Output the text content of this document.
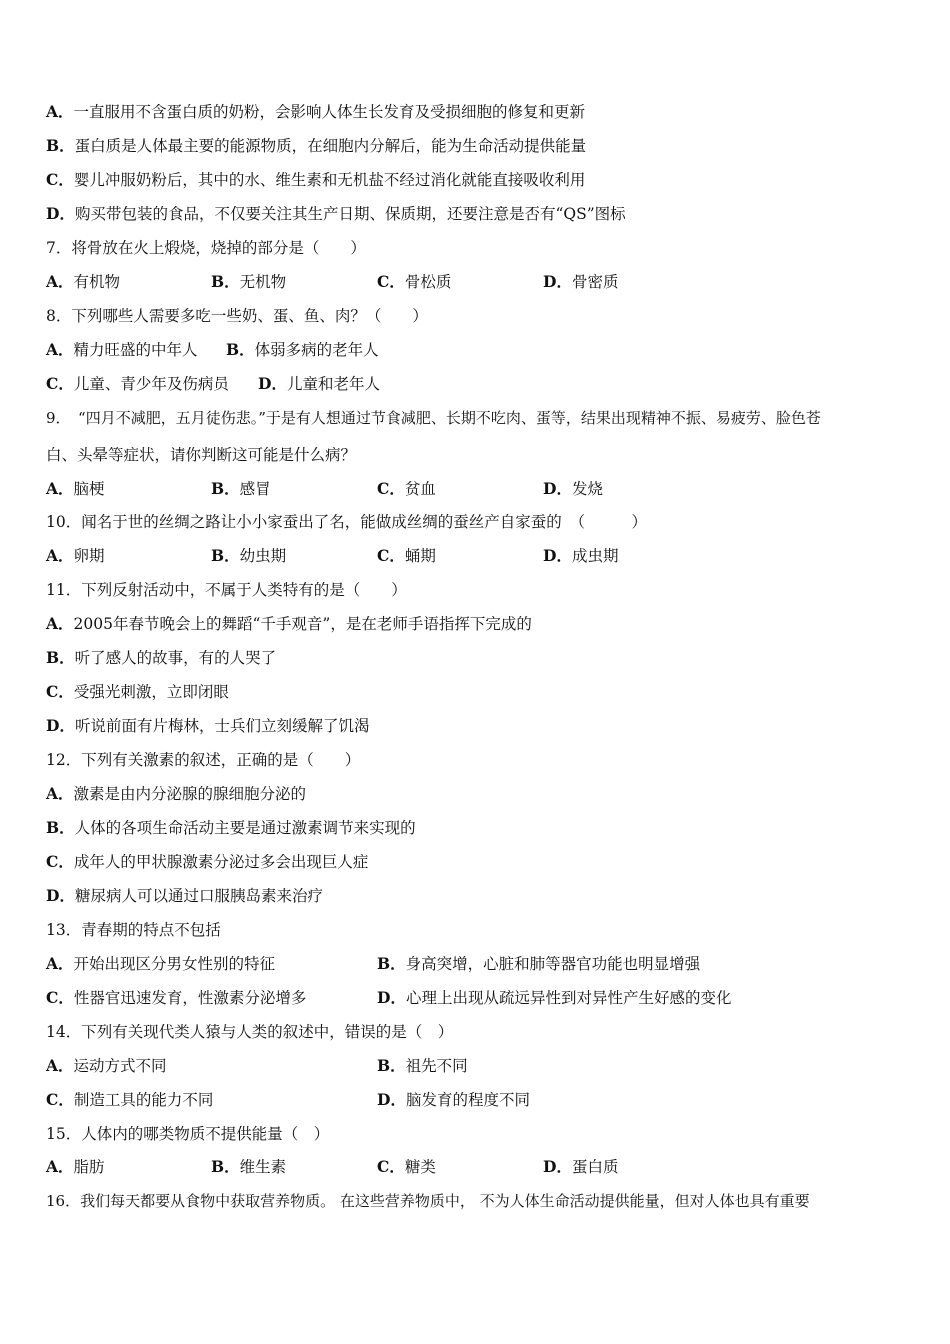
A．一直服用不含蛋白质的奶粉，会影响人体生长发育及受损细胞的修复和更新
B．蛋白质是人体最主要的能源物质，在细胞内分解后，能为生命活动提供能量
C．婴儿冲服奶粉后，其中的水、维生素和无机盐不经过消化就能直接吸收利用
D．购买带包装的食品，不仅要关注其生产日期、保质期，还要注意是否有“QS”图标
7．将骨放在火上煅烧，烧掉的部分是（　　）
A．有机物	B．无机物	C．骨松质	D．骨密质
8．下列哪些人需要多吃一些奶、蛋、鱼、肉？（　　）
A．精力旺盛的中年人 B．体弱多病的老年人
C．儿童、青少年及伤病员 D．儿童和老年人
9．　“四月不减肥，五月徒伤悲。”于是有人想通过节食减肥、长期不吃肉、蛋等，结果出现精神不振、易疲劳、脸色苍
白、头晕等症状，请你判断这可能是什么病？
A．脑梗	B．感冒	C．贫血	D．发烧
10．闻名于世的丝绸之路让小小家蚕出了名，能做成丝绸的蚕丝产自家蚕的　（　　　）
A．卵期	B．幼虫期	C．蛹期	D．成虫期
11．下列反射活动中，不属于人类特有的是（　　）
A．2005年春节晚会上的舞蹈“千手观音”，是在老师手语指挥下完成的
B．听了感人的故事，有的人哭了
C．受强光刺激，立即闭眼
D．听说前面有片梅林，士兵们立刻缓解了饥渴
12．下列有关激素的叙述，正确的是（　　）
A．激素是由内分泌腺的腺细胞分泌的
B．人体的各项生命活动主要是通过激素调节来实现的
C．成年人的甲状腺激素分泌过多会出现巨人症
D．糖尿病人可以通过口服胰岛素来治疗
13．青春期的特点不包括
A．开始出现区分男女性别的特征	B．身高突增，心脏和肺等器官功能也明显增强
C．性器官迅速发育，性激素分泌增多	D．心理上出现从疏远异性到对异性产生好感的变化
14．下列有关现代类人猿与人类的叙述中，错误的是（　）
A．运动方式不同	B．祖先不同
C．制造工具的能力不同	D．脑发育的程度不同
15．人体内的哪类物质不提供能量（　）
A．脂肪	B．维生素	C．糖类	D．蛋白质
16．我们每天都要从食物中获取营养物质。 在这些营养物质中， 不为人体生命活动提供能量，但对人体也具有重要
